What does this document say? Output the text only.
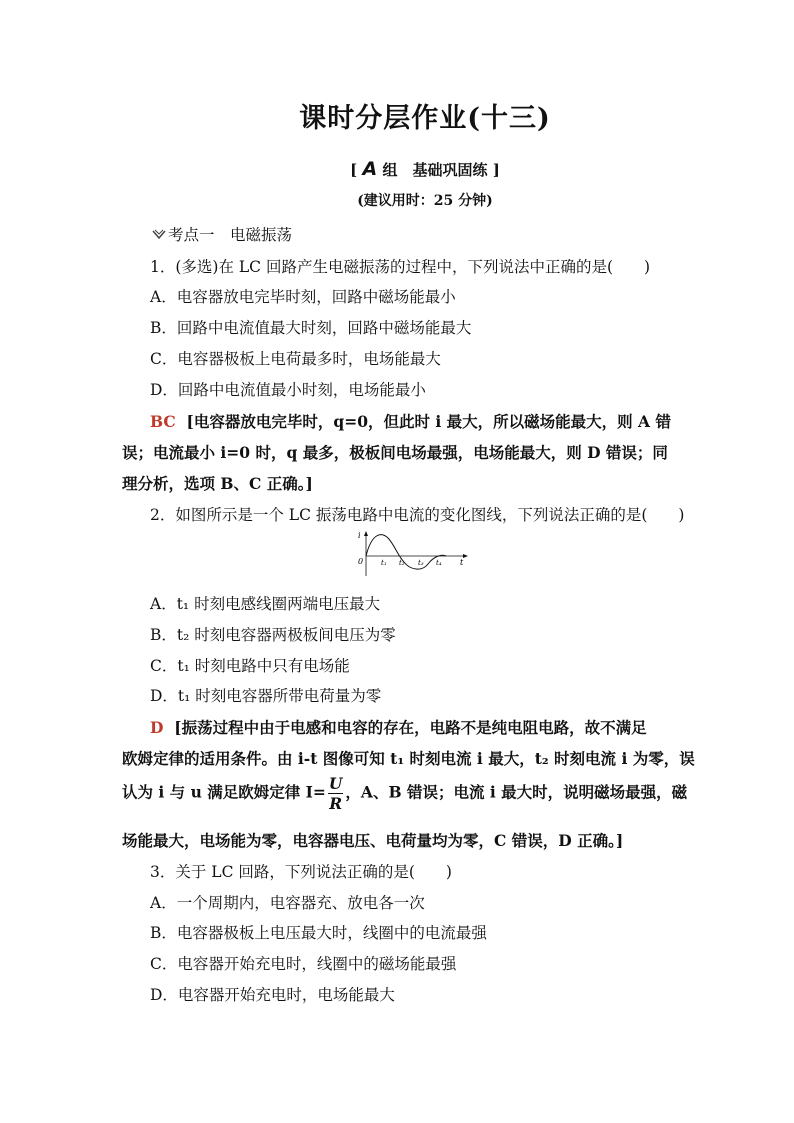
课时分层作业(十三)
[ A 组　基础巩固练 ]
(建议用时：25 分钟)
考点一　电磁振荡
1．(多选)在 LC 回路产生电磁振荡的过程中，下列说法中正确的是(　　)
A．电容器放电完毕时刻，回路中磁场能最小
B．回路中电流值最大时刻，回路中磁场能最大
C．电容器极板上电荷最多时，电场能最大
D．回路中电流值最小时刻，电场能最小
BC [电容器放电完毕时，q=0，但此时 i 最大，所以磁场能最大，则 A 错
误；电流最小 i=0 时，q 最多，极板间电场最强，电场能最大，则 D 错误；同
理分析，选项 B、C 正确。]
2．如图所示是一个 LC 振荡电路中电流的变化图线，下列说法正确的是(　　)
i
0	t₁ t₂ t₃ t₄ t
A．t₁ 时刻电感线圈两端电压最大
B．t₂ 时刻电容器两极板间电压为零
C．t₁ 时刻电路中只有电场能
D．t₁ 时刻电容器所带电荷量为零
D [振荡过程中由于电感和电容的存在，电路不是纯电阻电路，故不满足
欧姆定律的适用条件。由 i-t 图像可知 t₁ 时刻电流 i 最大，t₂ 时刻电流 i 为零，误
认为 i 与 u 满足欧姆定律 $I= \frac{U}{R}$ ，A、B 错误；电流 i 最大时，说明磁场最强，磁
场能最大，电场能为零，电容器电压、电荷量均为零，C 错误，D 正确。]
3．关于 LC 回路，下列说法正确的是(　　)
A．一个周期内，电容器充、放电各一次
B．电容器极板上电压最大时，线圈中的电流最强
C．电容器开始充电时，线圈中的磁场能最强
D．电容器开始充电时，电场能最大
